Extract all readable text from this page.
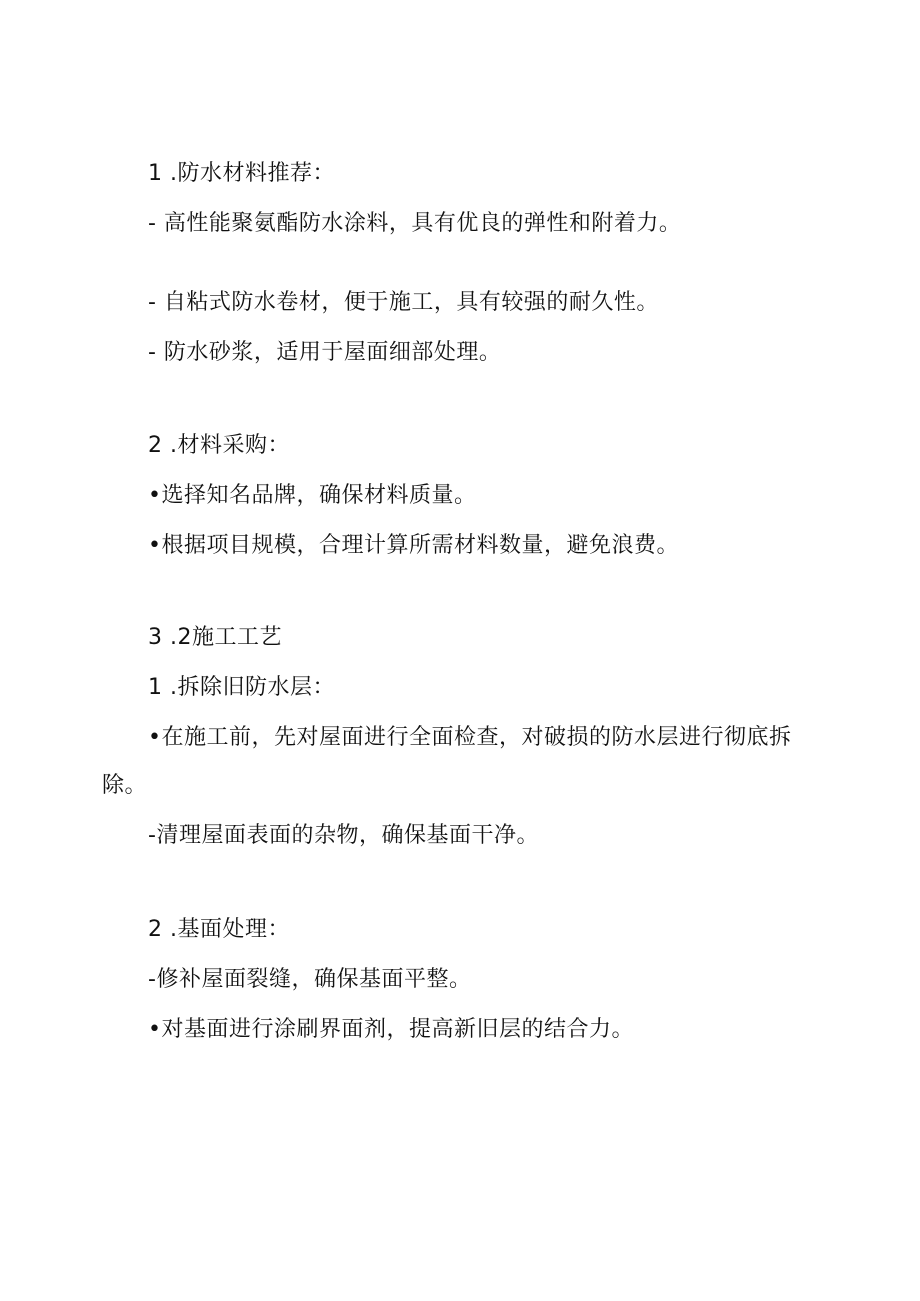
1 .防水材料推荐：
- 高性能聚氨酯防水涂料，具有优良的弹性和附着力。
- 自粘式防水卷材，便于施工，具有较强的耐久性。
- 防水砂浆，适用于屋面细部处理。
2 .材料采购：
•选择知名品牌，确保材料质量。
•根据项目规模，合理计算所需材料数量，避免浪费。
3 .2施工工艺
1 .拆除旧防水层：
•在施工前，先对屋面进行全面检查，对破损的防水层进行彻底拆
除。
-清理屋面表面的杂物，确保基面干净。
2 .基面处理：
-修补屋面裂缝，确保基面平整。
•对基面进行涂刷界面剂，提高新旧层的结合力。
